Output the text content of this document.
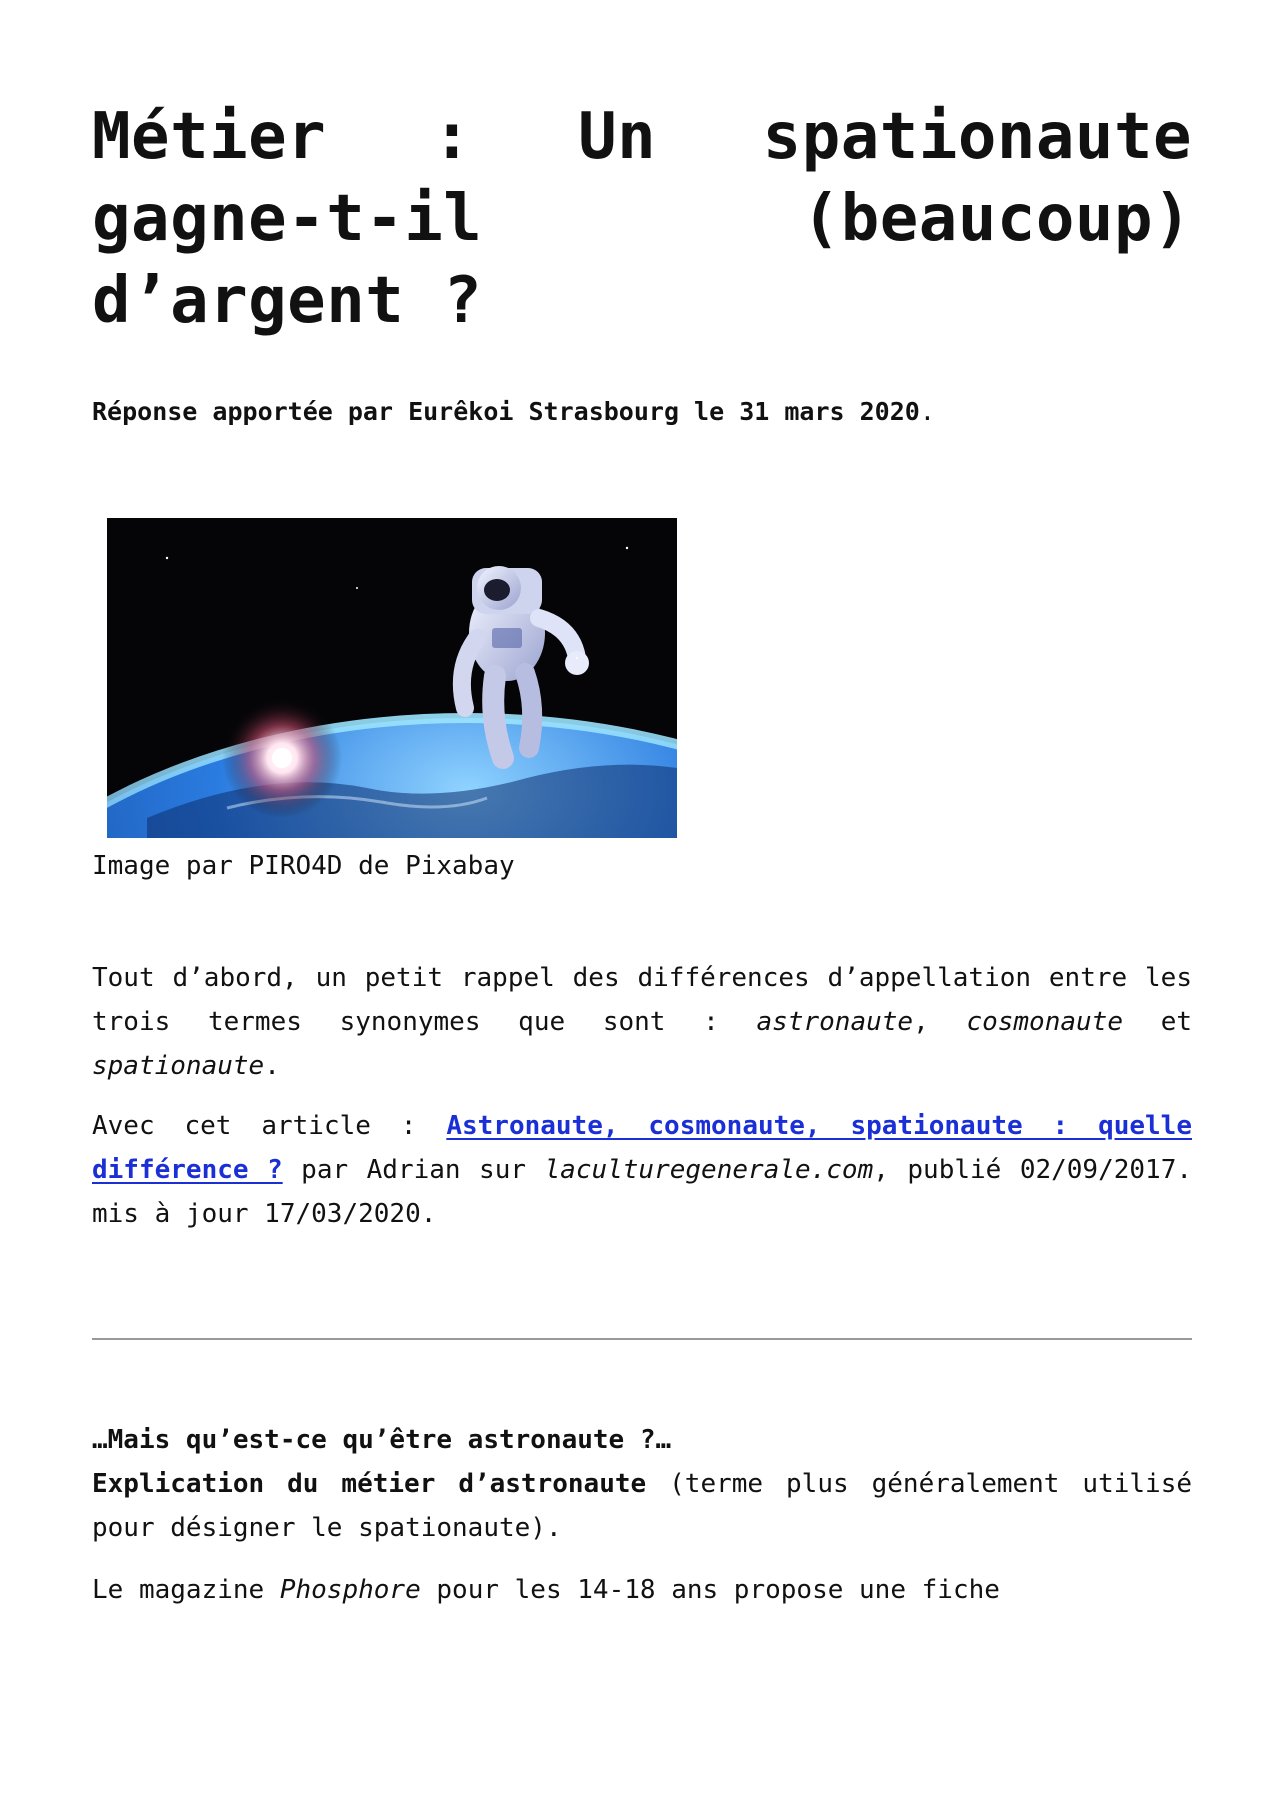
Métier : Un spationaute gagne-t-il (beaucoup) d’argent ?
Réponse apportée par Eurêkoi Strasbourg le 31 mars 2020.
Image par PIRO4D de Pixabay

Tout d’abord, un petit rappel des différences d’appellation entre les trois termes synonymes que sont : astronaute, cosmonaute et spationaute.

Avec cet article : Astronaute, cosmonaute, spationaute : quelle différence ? par Adrian sur laculturegenerale.com, publié 02/09/2017. mis à jour 17/03/2020.

…Mais qu’est-ce qu’être astronaute ?…
Explication du métier d’astronaute (terme plus généralement utilisé pour désigner le spationaute).

Le magazine Phosphore pour les 14-18 ans propose une fiche
